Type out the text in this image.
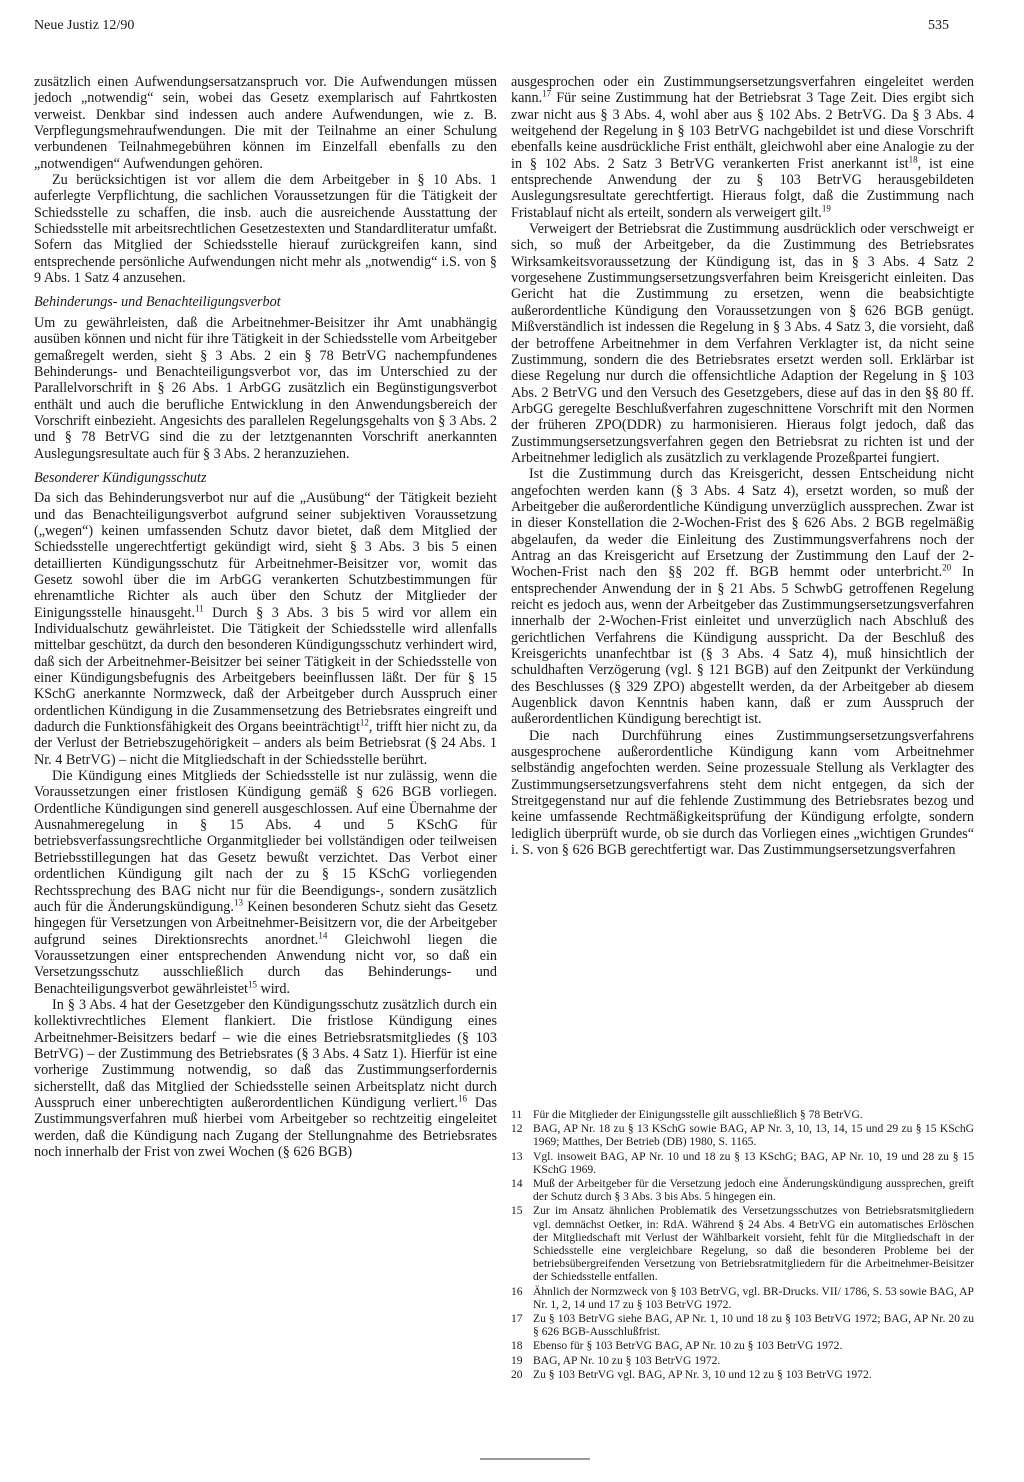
Neue Justiz 12/90	535

zusätzlich einen Aufwendungsersatzanspruch vor. Die Aufwendungen müssen jedoch „notwendig“ sein, wobei das Gesetz exemplarisch auf Fahrtkosten verweist. Denkbar sind indessen auch andere Aufwendungen, wie z. B. Verpflegungsmehraufwendungen. Die mit der Teilnahme an einer Schulung verbundenen Teilnahmegebühren können im Einzelfall ebenfalls zu den „notwendigen“ Aufwendungen gehören.

Zu berücksichtigen ist vor allem die dem Arbeitgeber in § 10 Abs. 1 auferlegte Verpflichtung, die sachlichen Voraussetzungen für die Tätigkeit der Schiedsstelle zu schaffen, die insb. auch die ausreichende Ausstattung der Schiedsstelle mit arbeitsrechtlichen Gesetzestexten und Standardliteratur umfaßt. Sofern das Mitglied der Schiedsstelle hierauf zurückgreifen kann, sind entsprechende persönliche Aufwendungen nicht mehr als „notwendig“ i.S. von § 9 Abs. 1 Satz 4 anzusehen.

Behinderungs- und Benachteiligungsverbot

Um zu gewährleisten, daß die Arbeitnehmer-Beisitzer ihr Amt unabhängig ausüben können und nicht für ihre Tätigkeit in der Schiedsstelle vom Arbeitgeber gemaßregelt werden, sieht § 3 Abs. 2 ein § 78 BetrVG nachempfundenes Behinderungs- und Benachteiligungsverbot vor, das im Unterschied zu der Parallelvorschrift in § 26 Abs. 1 ArbGG zusätzlich ein Begünstigungsverbot enthält und auch die berufliche Entwicklung in den Anwendungsbereich der Vorschrift einbezieht. Angesichts des parallelen Regelungsgehalts von § 3 Abs. 2 und § 78 BetrVG sind die zu der letztgenannten Vorschrift anerkannten Auslegungsresultate auch für § 3 Abs. 2 heranzuziehen.

Besonderer Kündigungsschutz

Da sich das Behinderungsverbot nur auf die „Ausübung“ der Tätigkeit bezieht und das Benachteiligungsverbot aufgrund seiner subjektiven Voraussetzung („wegen“) keinen umfassenden Schutz davor bietet, daß dem Mitglied der Schiedsstelle ungerechtfertigt gekündigt wird, sieht § 3 Abs. 3 bis 5 einen detaillierten Kündigungsschutz für Arbeitnehmer-Beisitzer vor, womit das Gesetz sowohl über die im ArbGG verankerten Schutzbestimmungen für ehrenamtliche Richter als auch über den Schutz der Mitglieder der Einigungsstelle hinausgeht.$^{11}$ Durch § 3 Abs. 3 bis 5 wird vor allem ein Individualschutz gewährleistet. Die Tätigkeit der Schiedsstelle wird allenfalls mittelbar geschützt, da durch den besonderen Kündigungsschutz verhindert wird, daß sich der Arbeitnehmer-Beisitzer bei seiner Tätigkeit in der Schiedsstelle von einer Kündigungsbefugnis des Arbeitgebers beeinflussen läßt. Der für § 15 KSchG anerkannte Normzweck, daß der Arbeitgeber durch Ausspruch einer ordentlichen Kündigung in die Zusammensetzung des Betriebsrates eingreift und dadurch die Funktionsfähigkeit des Organs beeinträchtigt$^{12}$, trifft hier nicht zu, da der Verlust der Betriebszugehörigkeit – anders als beim Betriebsrat (§ 24 Abs. 1 Nr. 4 BetrVG) – nicht die Mitgliedschaft in der Schiedsstelle berührt.

Die Kündigung eines Mitglieds der Schiedsstelle ist nur zulässig, wenn die Voraussetzungen einer fristlosen Kündigung gemäß § 626 BGB vorliegen. Ordentliche Kündigungen sind generell ausgeschlossen. Auf eine Übernahme der Ausnahmeregelung in § 15 Abs. 4 und 5 KSchG für betriebsverfassungsrechtliche Organmitglieder bei vollständigen oder teilweisen Betriebsstillegungen hat das Gesetz bewußt verzichtet. Das Verbot einer ordentlichen Kündigung gilt nach der zu § 15 KSchG vorliegenden Rechtssprechung des BAG nicht nur für die Beendigungs-, sondern zusätzlich auch für die Änderungskündigung.$^{13}$ Keinen besonderen Schutz sieht das Gesetz hingegen für Versetzungen von Arbeitnehmer-Beisitzern vor, die der Arbeitgeber aufgrund seines Direktionsrechts anordnet.$^{14}$ Gleichwohl liegen die Voraussetzungen einer entsprechenden Anwendung nicht vor, so daß ein Versetzungsschutz ausschließlich durch das Behinderungs- und Benachteiligungsverbot gewährleistet$^{15}$ wird.

In § 3 Abs. 4 hat der Gesetzgeber den Kündigungsschutz zusätzlich durch ein kollektivrechtliches Element flankiert. Die fristlose Kündigung eines Arbeitnehmer-Beisitzers bedarf – wie die eines Betriebsratsmitgliedes (§ 103 BetrVG) – der Zustimmung des Betriebsrates (§ 3 Abs. 4 Satz 1). Hierfür ist eine vorherige Zustimmung notwendig, so daß das Zustimmungserfordernis sicherstellt, daß das Mitglied der Schiedsstelle seinen Arbeitsplatz nicht durch Ausspruch einer unberechtigten außerordentlichen Kündigung verliert.$^{16}$ Das Zustimmungsverfahren muß hierbei vom Arbeitgeber so rechtzeitig eingeleitet werden, daß die Kündigung nach Zugang der Stellungnahme des Betriebsrates noch innerhalb der Frist von zwei Wochen (§ 626 BGB)

ausgesprochen oder ein Zustimmungsersetzungsverfahren eingeleitet werden kann.$^{17}$ Für seine Zustimmung hat der Betriebsrat 3 Tage Zeit. Dies ergibt sich zwar nicht aus § 3 Abs. 4, wohl aber aus § 102 Abs. 2 BetrVG. Da § 3 Abs. 4 weitgehend der Regelung in § 103 BetrVG nachgebildet ist und diese Vorschrift ebenfalls keine ausdrückliche Frist enthält, gleichwohl aber eine Analogie zu der in § 102 Abs. 2 Satz 3 BetrVG verankerten Frist anerkannt ist$^{18}$, ist eine entsprechende Anwendung der zu § 103 BetrVG herausgebildeten Auslegungsresultate gerechtfertigt. Hieraus folgt, daß die Zustimmung nach Fristablauf nicht als erteilt, sondern als verweigert gilt.$^{19}$

Verweigert der Betriebsrat die Zustimmung ausdrücklich oder verschweigt er sich, so muß der Arbeitgeber, da die Zustimmung des Betriebsrates Wirksamkeitsvoraussetzung der Kündigung ist, das in § 3 Abs. 4 Satz 2 vorgesehene Zustimmungsersetzungsverfahren beim Kreisgericht einleiten. Das Gericht hat die Zustimmung zu ersetzen, wenn die beabsichtigte außerordentliche Kündigung den Voraussetzungen von § 626 BGB genügt. Mißverständlich ist indessen die Regelung in § 3 Abs. 4 Satz 3, die vorsieht, daß der betroffene Arbeitnehmer in dem Verfahren Verklagter ist, da nicht seine Zustimmung, sondern die des Betriebsrates ersetzt werden soll. Erklärbar ist diese Regelung nur durch die offensichtliche Adaption der Regelung in § 103 Abs. 2 BetrVG und den Versuch des Gesetzgebers, diese auf das in den §§ 80 ff. ArbGG geregelte Beschlußverfahren zugeschnittene Vorschrift mit den Normen der früheren ZPO(DDR) zu harmonisieren. Hieraus folgt jedoch, daß das Zustimmungsersetzungsverfahren gegen den Betriebsrat zu richten ist und der Arbeitnehmer lediglich als zusätzlich zu verklagende Prozeßpartei fungiert.

Ist die Zustimmung durch das Kreisgericht, dessen Entscheidung nicht angefochten werden kann (§ 3 Abs. 4 Satz 4), ersetzt worden, so muß der Arbeitgeber die außerordentliche Kündigung unverzüglich aussprechen. Zwar ist in dieser Konstellation die 2-Wochen-Frist des § 626 Abs. 2 BGB regelmäßig abgelaufen, da weder die Einleitung des Zustimmungsverfahrens noch der Antrag an das Kreisgericht auf Ersetzung der Zustimmung den Lauf der 2-Wochen-Frist nach den §§ 202 ff. BGB hemmt oder unterbricht.$^{20}$ In entsprechender Anwendung der in § 21 Abs. 5 SchwbG getroffenen Regelung reicht es jedoch aus, wenn der Arbeitgeber das Zustimmungsersetzungsverfahren innerhalb der 2-Wochen-Frist einleitet und unverzüglich nach Abschluß des gerichtlichen Verfahrens die Kündigung ausspricht. Da der Beschluß des Kreisgerichts unanfechtbar ist (§ 3 Abs. 4 Satz 4), muß hinsichtlich der schuldhaften Verzögerung (vgl. § 121 BGB) auf den Zeitpunkt der Verkündung des Beschlusses (§ 329 ZPO) abgestellt werden, da der Arbeitgeber ab diesem Augenblick davon Kenntnis haben kann, daß er zum Ausspruch der außerordentlichen Kündigung berechtigt ist.

Die nach Durchführung eines Zustimmungsersetzungsverfahrens ausgesprochene außerordentliche Kündigung kann vom Arbeitnehmer selbständig angefochten werden. Seine prozessuale Stellung als Verklagter des Zustimmungsersetzungsverfahrens steht dem nicht entgegen, da sich der Streitgegenstand nur auf die fehlende Zustimmung des Betriebsrates bezog und keine umfassende Rechtmäßigkeitsprüfung der Kündigung erfolgte, sondern lediglich überprüft wurde, ob sie durch das Vorliegen eines „wichtigen Grundes“ i. S. von § 626 BGB gerechtfertigt war. Das Zustimmungsersetzungsverfahren

11 Für die Mitglieder der Einigungsstelle gilt ausschließlich § 78 BetrVG.
12 BAG, AP Nr. 18 zu § 13 KSchG sowie BAG, AP Nr. 3, 10, 13, 14, 15 und 29 zu § 15 KSchG 1969; Matthes, Der Betrieb (DB) 1980, S. 1165.
13 Vgl. insoweit BAG, AP Nr. 10 und 18 zu § 13 KSchG; BAG, AP Nr. 10, 19 und 28 zu § 15 KSchG 1969.
14 Muß der Arbeitgeber für die Versetzung jedoch eine Änderungskündigung aussprechen, greift der Schutz durch § 3 Abs. 3 bis Abs. 5 hingegen ein.
15 Zur im Ansatz ähnlichen Problematik des Versetzungsschutzes von Betriebsratsmitgliedern vgl. demnächst Oetker, in: RdA. Während § 24 Abs. 4 BetrVG ein automatisches Erlöschen der Mitgliedschaft mit Verlust der Wählbarkeit vorsieht, fehlt für die Mitgliedschaft in der Schiedsstelle eine vergleichbare Regelung, so daß die besonderen Probleme bei der betriebsübergreifenden Versetzung von Betriebsratmitgliedern für die Arbeitnehmer-Beisitzer der Schiedsstelle entfallen.
16 Ähnlich der Normzweck von § 103 BetrVG, vgl. BR-Drucks. VII/ 1786, S. 53 sowie BAG, AP Nr. 1, 2, 14 und 17 zu § 103 BetrVG 1972.
17 Zu § 103 BetrVG siehe BAG, AP Nr. 1, 10 und 18 zu § 103 BetrVG 1972; BAG, AP Nr. 20 zu § 626 BGB-Ausschlußfrist.
18 Ebenso für § 103 BetrVG BAG, AP Nr. 10 zu § 103 BetrVG 1972.
19 BAG, AP Nr. 10 zu § 103 BetrVG 1972.
20 Zu § 103 BetrVG vgl. BAG, AP Nr. 3, 10 und 12 zu § 103 BetrVG 1972.
